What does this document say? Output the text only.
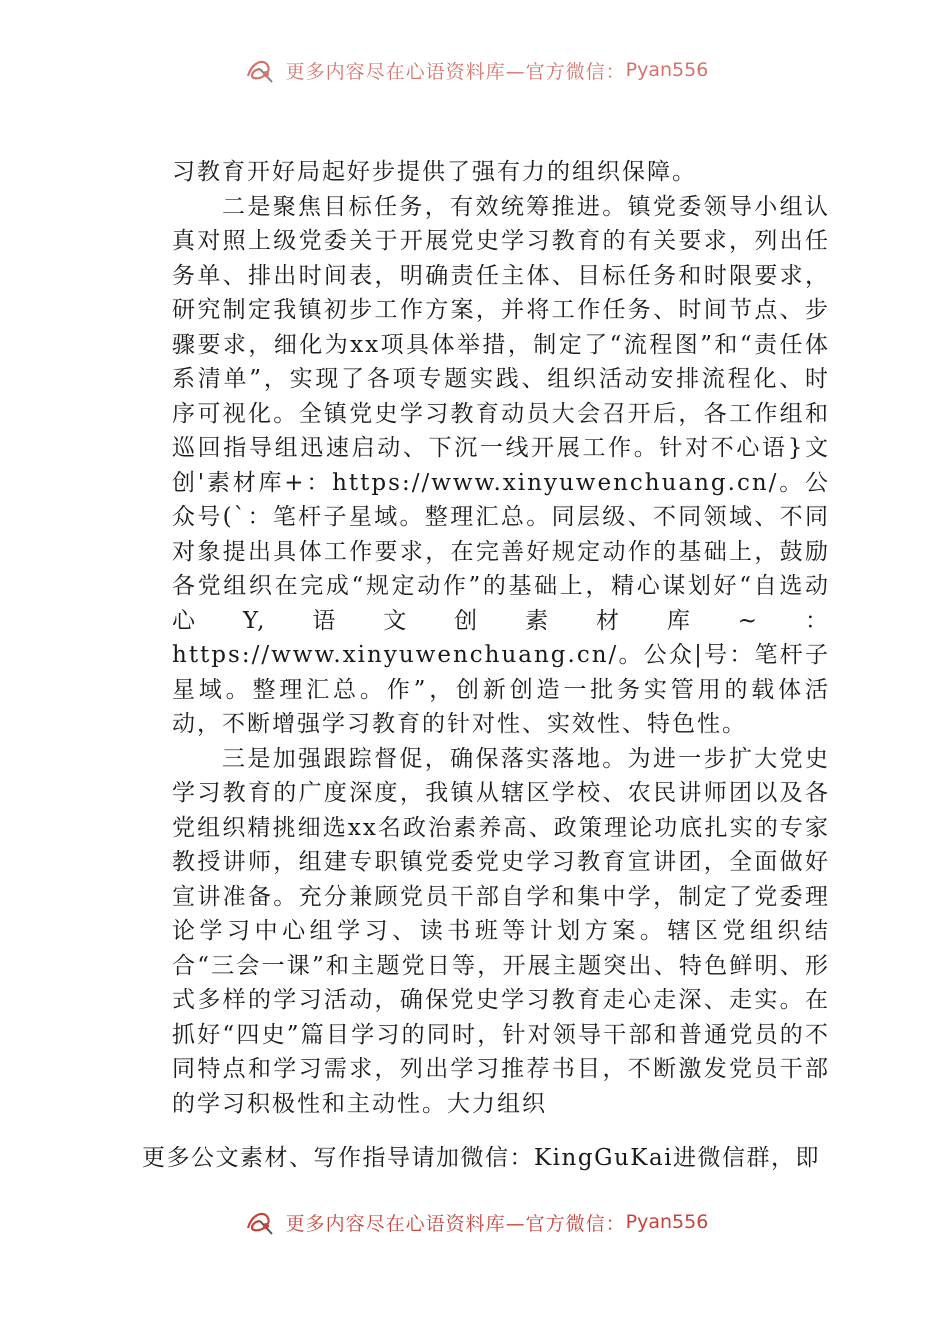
更多内容尽在心语资料库—官方微信： Pyan556

习教育开好局起好步提供了强有力的组织保障。

二是聚焦目标任务，有效统筹推进。镇党委领导小组认真对照上级党委关于开展党史学习教育的有关要求，列出任务单、排出时间表，明确责任主体、目标任务和时限要求，研究制定我镇初步工作方案，并将工作任务、时间节点、步骤要求，细化为xx项具体举措，制定了“流程图”和“责任体系清单”，实现了各项专题实践、组织活动安排流程化、时序可视化。全镇党史学习教育动员大会召开后，各工作组和巡回指导组迅速启动、下沉一线开展工作。针对不心语}文创'素材库+：https://www.xinyuwenchuang.cn/。公众号(`：笔杆子星域。整理汇总。同层级、不同领域、不同对象提出具体工作要求，在完善好规定动作的基础上，鼓励各党组织在完成“规定动作”的基础上，精心谋划好“自选动心Y,语文创素材库~：https://www.xinyuwenchuang.cn/。公众|号：笔杆子星域。整理汇总。作”，创新创造一批务实管用的载体活动，不断增强学习教育的针对性、实效性、特色性。

三是加强跟踪督促，确保落实落地。为进一步扩大党史学习教育的广度深度，我镇从辖区学校、农民讲师团以及各党组织精挑细选xx名政治素养高、政策理论功底扎实的专家教授讲师，组建专职镇党委党史学习教育宣讲团，全面做好宣讲准备。充分兼顾党员干部自学和集中学，制定了党委理论学习中心组学习、读书班等计划方案。辖区党组织结合“三会一课”和主题党日等，开展主题突出、特色鲜明、形式多样的学习活动，确保党史学习教育走心走深、走实。在抓好“四史”篇目学习的同时，针对领导干部和普通党员的不同特点和学习需求，列出学习推荐书目，不断激发党员干部的学习积极性和主动性。大力组织

更多公文素材、写作指导请加微信：KingGuKai进微信群，即
更多内容尽在心语资料库—官方微信： Pyan556
